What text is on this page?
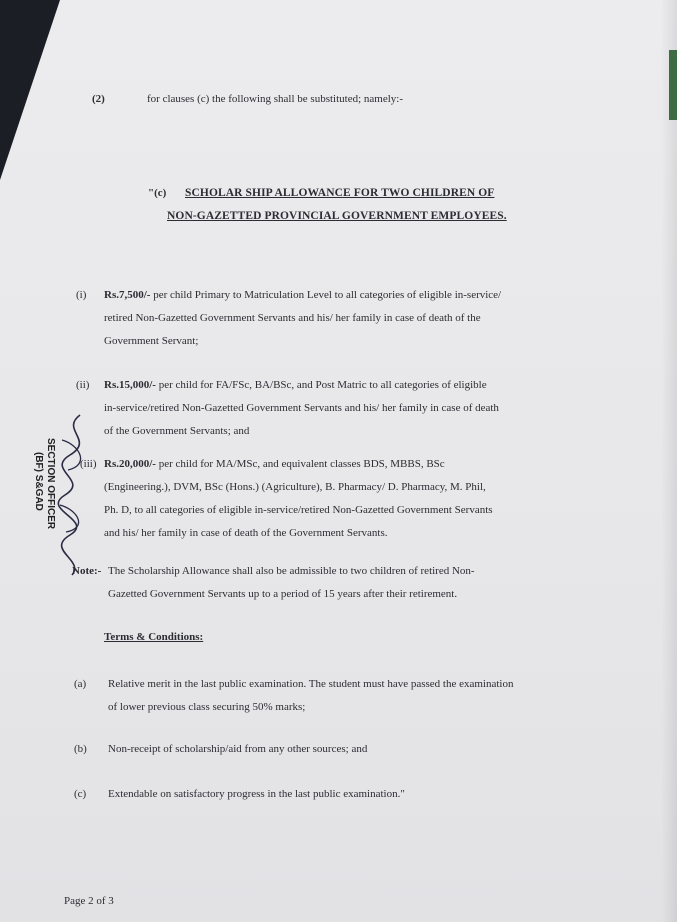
(2)	for clauses (c) the following shall be substituted; namely:-
"(c) SCHOLAR SHIP ALLOWANCE FOR TWO CHILDREN OF
NON-GAZETTED PROVINCIAL GOVERNMENT EMPLOYEES.
(i) Rs.7,500/- per child Primary to Matriculation Level to all categories of eligible in-service/
retired Non-Gazetted Government Servants and his/ her family in case of death of the
Government Servant;
(ii) Rs.15,000/- per child for FA/FSc, BA/BSc, and Post Matric to all categories of eligible
in-service/retired Non-Gazetted Government Servants and his/ her family in case of death
of the Government Servants; and
(iii) Rs.20,000/- per child for MA/MSc, and equivalent classes BDS, MBBS, BSc
(Engineering.), DVM, BSc (Hons.) (Agriculture), B. Pharmacy/ D. Pharmacy, M. Phil,
Ph. D, to all categories of eligible in-service/retired Non-Gazetted Government Servants
and his/ her family in case of death of the Government Servants.
SECTION OFFICER
(BF) S&GAD
Note:- The Scholarship Allowance shall also be admissible to two children of retired Non-
Gazetted Government Servants up to a period of 15 years after their retirement.
Terms & Conditions:
(a) Relative merit in the last public examination. The student must have passed the examination
of lower previous class securing 50% marks;
(b) Non-receipt of scholarship/aid from any other sources; and
(c) Extendable on satisfactory progress in the last public examination."
Page 2 of 3
